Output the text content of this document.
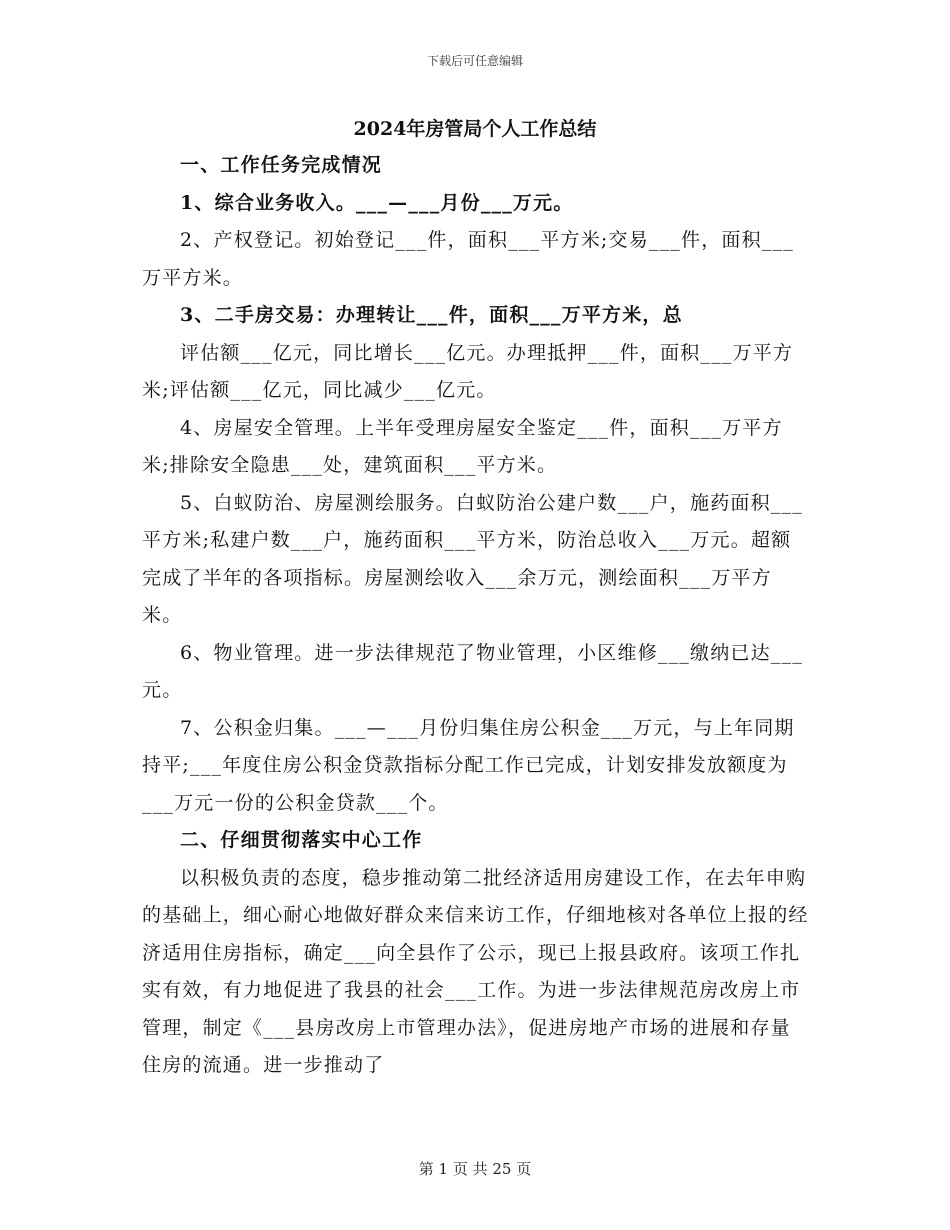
下载后可任意编辑
2024年房管局个人工作总结

一、工作任务完成情况

1、综合业务收入。___—___月份___万元。

2、产权登记。初始登记___件，面积___平方米;交易___件，面积___万平方米。

3、二手房交易：办理转让___件，面积___万平方米，总

评估额___亿元，同比增长___亿元。办理抵押___件，面积___万平方米;评估额___亿元，同比减少___亿元。

4、房屋安全管理。上半年受理房屋安全鉴定___件，面积___万平方米;排除安全隐患___处，建筑面积___平方米。

5、白蚁防治、房屋测绘服务。白蚁防治公建户数___户，施药面积___平方米;私建户数___户，施药面积___平方米，防治总收入___万元。超额完成了半年的各项指标。房屋测绘收入___余万元，测绘面积___万平方米。

6、物业管理。进一步法律规范了物业管理，小区维修___缴纳已达___元。

7、公积金归集。___—___月份归集住房公积金___万元，与上年同期持平;___年度住房公积金贷款指标分配工作已完成，计划安排发放额度为___万元一份的公积金贷款___个。

二、仔细贯彻落实中心工作

以积极负责的态度，稳步推动第二批经济适用房建设工作，在去年申购的基础上，细心耐心地做好群众来信来访工作，仔细地核对各单位上报的经济适用住房指标，确定___向全县作了公示，现已上报县政府。该项工作扎实有效，有力地促进了我县的社会___工作。为进一步法律规范房改房上市管理，制定《___县房改房上市管理办法》，促进房地产市场的进展和存量住房的流通。进一步推动了

第 1 页 共 25 页
